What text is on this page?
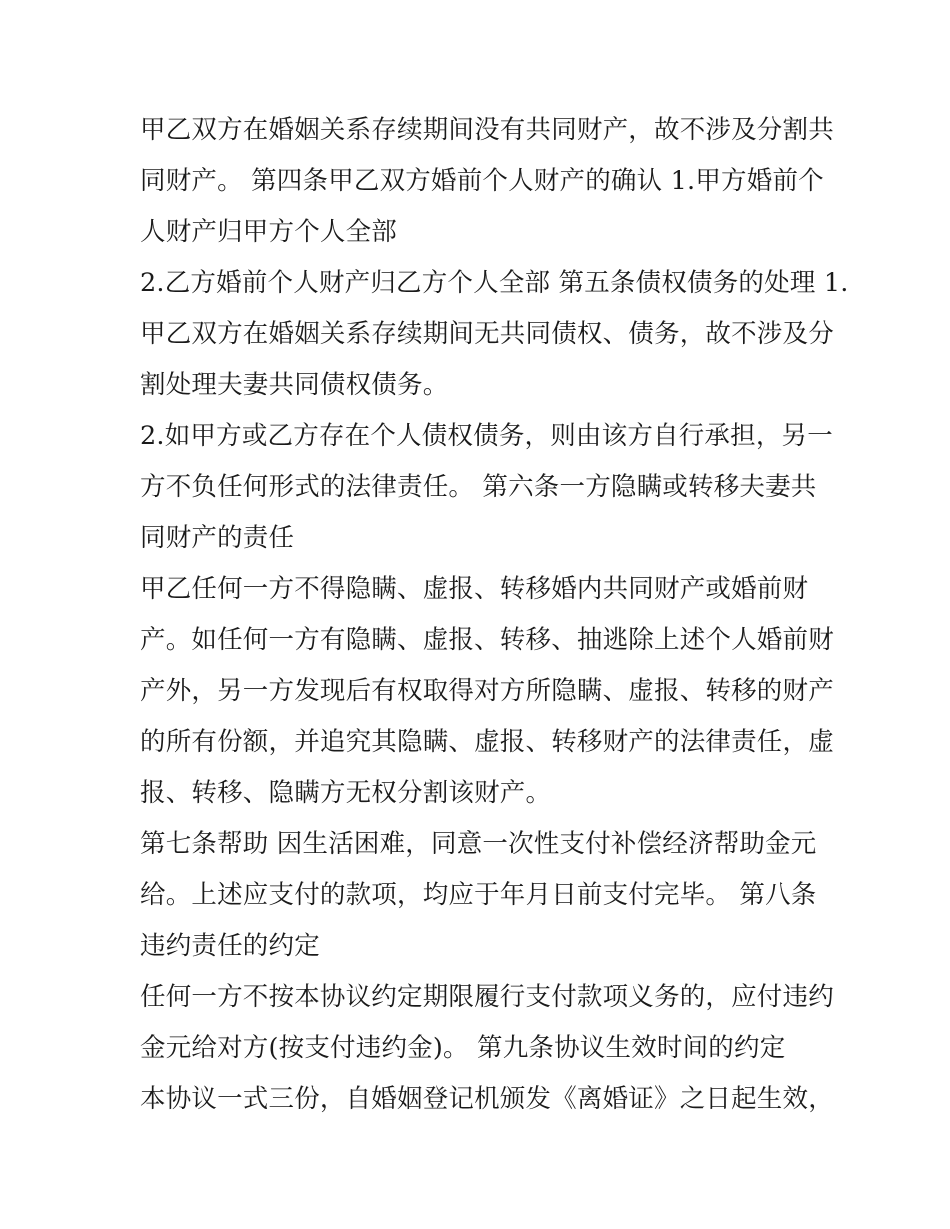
甲乙双方在婚姻关系存续期间没有共同财产，故不涉及分割共
同财产。 第四条甲乙双方婚前个人财产的确认 1.甲方婚前个
人财产归甲方个人全部
2.乙方婚前个人财产归乙方个人全部 第五条债权债务的处理 1.
甲乙双方在婚姻关系存续期间无共同债权、债务，故不涉及分
割处理夫妻共同债权债务。
2.如甲方或乙方存在个人债权债务，则由该方自行承担，另一
方不负任何形式的法律责任。 第六条一方隐瞒或转移夫妻共
同财产的责任
甲乙任何一方不得隐瞒、虚报、转移婚内共同财产或婚前财
产。如任何一方有隐瞒、虚报、转移、抽逃除上述个人婚前财
产外，另一方发现后有权取得对方所隐瞒、虚报、转移的财产
的所有份额，并追究其隐瞒、虚报、转移财产的法律责任，虚
报、转移、隐瞒方无权分割该财产。
第七条帮助 因生活困难，同意一次性支付补偿经济帮助金元
给。上述应支付的款项，均应于年月日前支付完毕。 第八条
违约责任的约定
任何一方不按本协议约定期限履行支付款项义务的，应付违约
金元给对方(按支付违约金)。 第九条协议生效时间的约定
本协议一式三份，自婚姻登记机颁发《离婚证》之日起生效，
